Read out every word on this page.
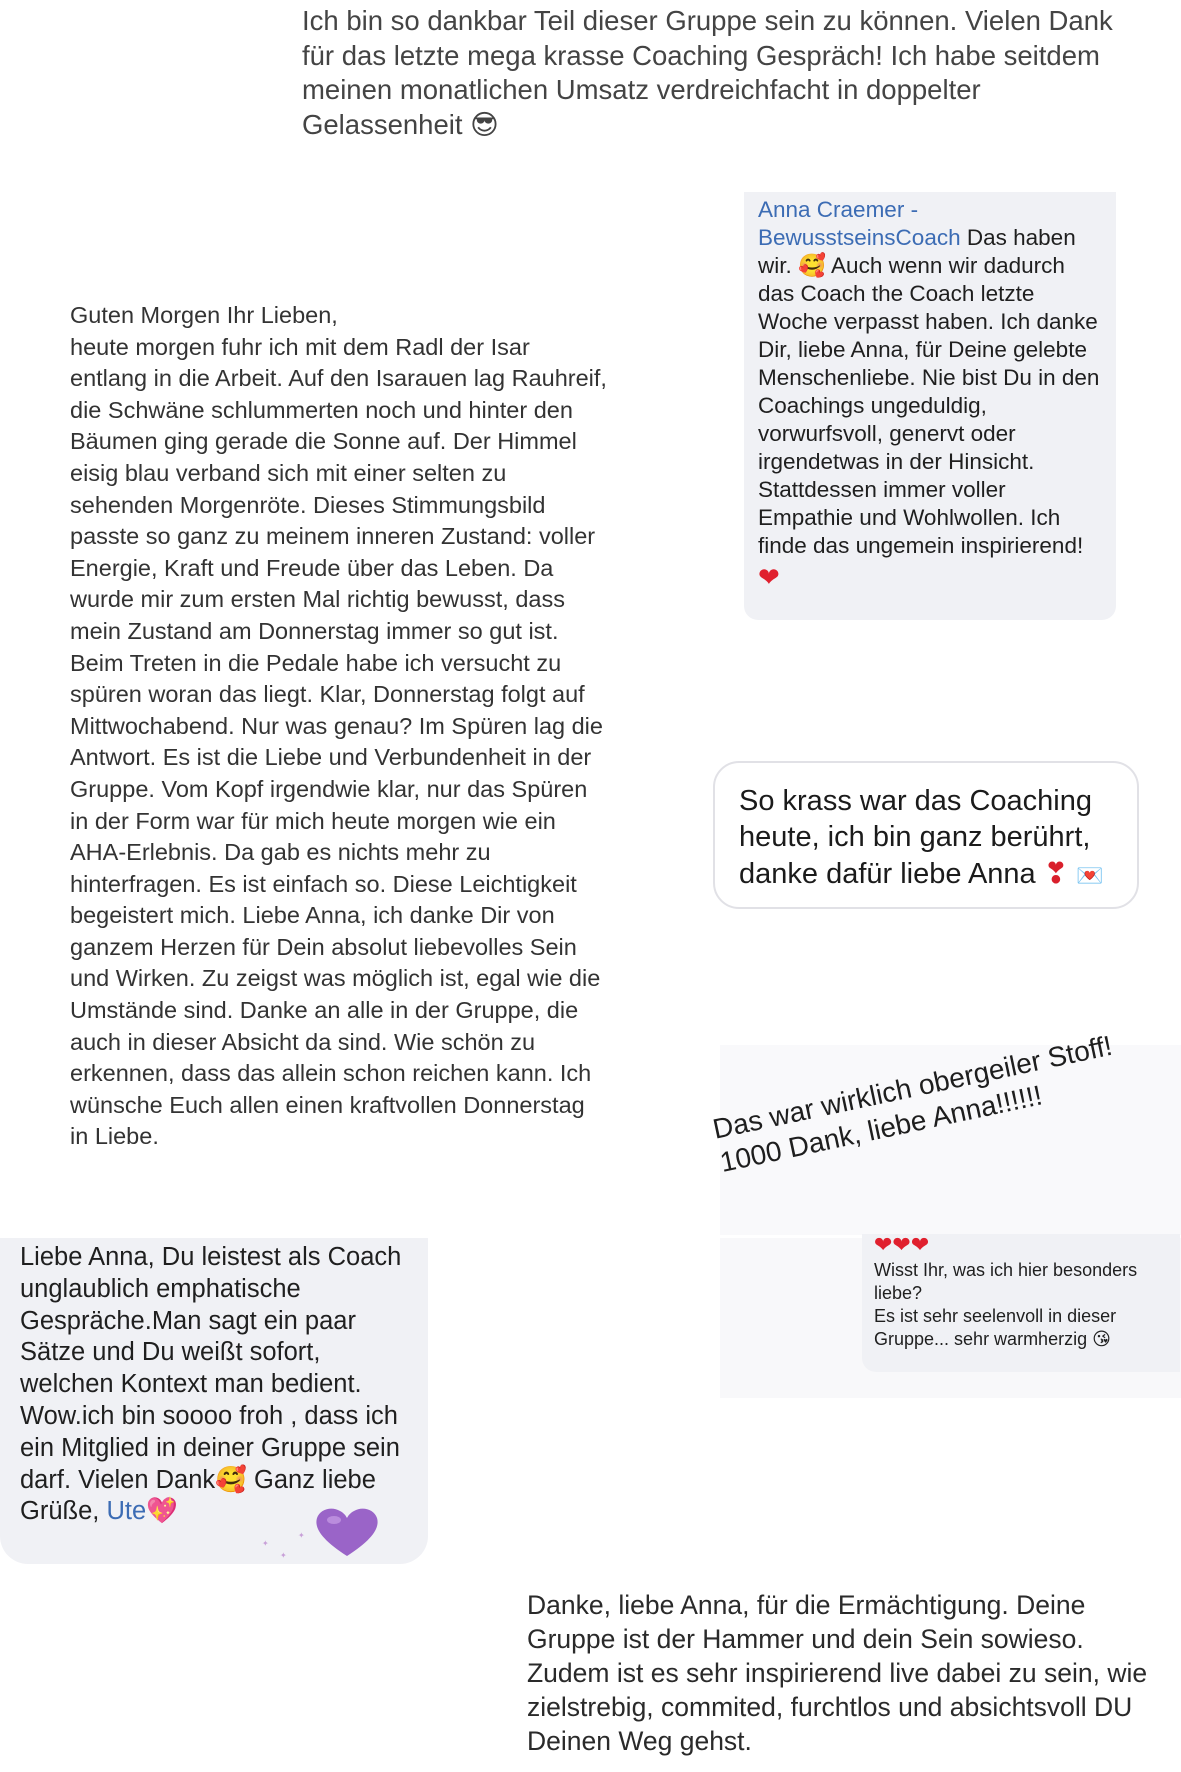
Ich bin so dankbar Teil dieser Gruppe sein zu können. Vielen Dank
für das letzte mega krasse Coaching Gespräch! Ich habe seitdem
meinen monatlichen Umsatz verdreichfacht in doppelter
Gelassenheit 😎
Anna Craemer -
BewusstseinsCoach Das haben
wir. 🥰 Auch wenn wir dadurch
das Coach the Coach letzte
Woche verpasst haben. Ich danke
Dir, liebe Anna, für Deine gelebte
Menschenliebe. Nie bist Du in den
Coachings ungeduldig,
vorwurfsvoll, genervt oder
irgendetwas in der Hinsicht.
Stattdessen immer voller
Empathie und Wohlwollen. Ich
finde das ungemein inspirierend!
❤
Guten Morgen Ihr Lieben,
heute morgen fuhr ich mit dem Radl der Isar
entlang in die Arbeit. Auf den Isarauen lag Rauhreif,
die Schwäne schlummerten noch und hinter den
Bäumen ging gerade die Sonne auf. Der Himmel
eisig blau verband sich mit einer selten zu
sehenden Morgenröte. Dieses Stimmungsbild
passte so ganz zu meinem inneren Zustand: voller
Energie, Kraft und Freude über das Leben. Da
wurde mir zum ersten Mal richtig bewusst, dass
mein Zustand am Donnerstag immer so gut ist.
Beim Treten in die Pedale habe ich versucht zu
spüren woran das liegt. Klar, Donnerstag folgt auf
Mittwochabend. Nur was genau? Im Spüren lag die
Antwort. Es ist die Liebe und Verbundenheit in der
Gruppe. Vom Kopf irgendwie klar, nur das Spüren
in der Form war für mich heute morgen wie ein
AHA-Erlebnis. Da gab es nichts mehr zu
hinterfragen. Es ist einfach so. Diese Leichtigkeit
begeistert mich. Liebe Anna, ich danke Dir von
ganzem Herzen für Dein absolut liebevolles Sein
und Wirken. Zu zeigst was möglich ist, egal wie die
Umstände sind. Danke an alle in der Gruppe, die
auch in dieser Absicht da sind. Wie schön zu
erkennen, dass das allein schon reichen kann. Ich
wünsche Euch allen einen kraftvollen Donnerstag
in Liebe.
So krass war das Coaching
heute, ich bin ganz berührt,
danke dafür liebe Anna ❣ 💌
Das war wirklich obergeiler Stoff!
1000 Dank, liebe Anna!!!!!!
❤❤❤
Wisst Ihr, was ich hier besonders
liebe?
Es ist sehr seelenvoll in dieser
Gruppe... sehr warmherzig 😘
Liebe Anna, Du leistest als Coach
unglaublich emphatische
Gespräche.Man sagt ein paar
Sätze und Du weißt sofort,
welchen Kontext man bedient.
Wow.ich bin soooo froh , dass ich
ein Mitglied in deiner Gruppe sein
darf. Vielen Dank🥰 Ganz liebe
Grüße, Ute💖
✦
✦
✦
Danke, liebe Anna, für die Ermächtigung. Deine
Gruppe ist der Hammer und dein Sein sowieso.
Zudem ist es sehr inspirierend live dabei zu sein, wie
zielstrebig, commited, furchtlos und absichtsvoll DU
Deinen Weg gehst.
